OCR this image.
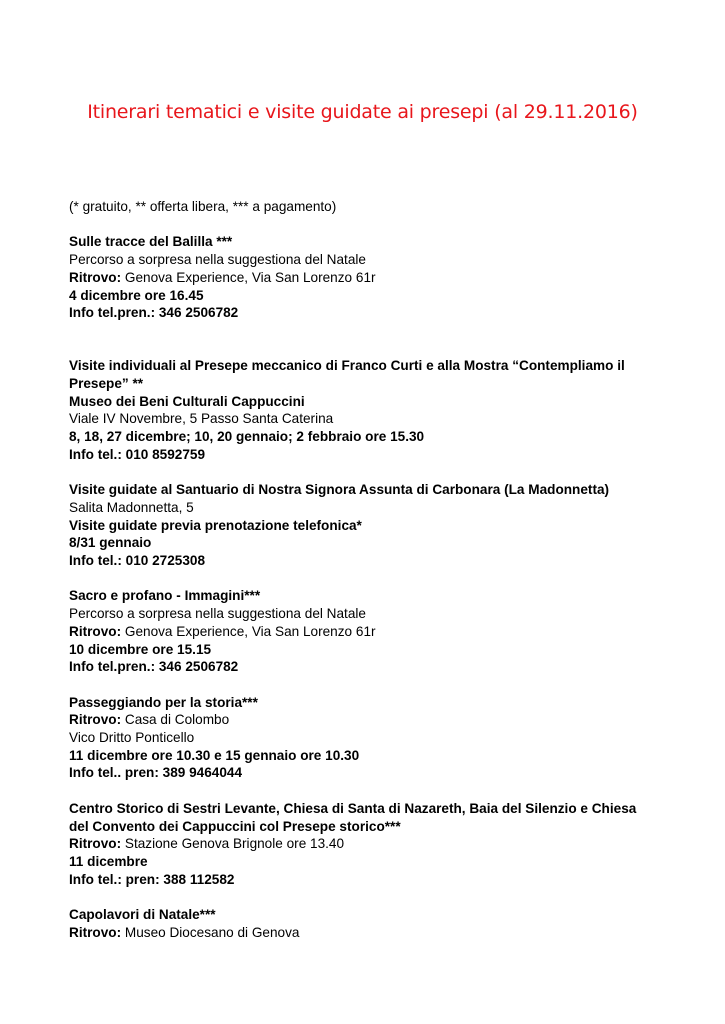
Itinerari tematici e visite guidate ai presepi (al 29.11.2016)

(* gratuito, ** offerta libera, *** a pagamento)

Sulle tracce del Balilla ***

Percorso a sorpresa nella suggestiona del Natale

Ritrovo: Genova Experience, Via San Lorenzo 61r

4 dicembre ore 16.45

Info tel.pren.: 346 2506782

Visite individuali al Presepe meccanico di Franco Curti e alla Mostra “Contempliamo il Presepe” **

Museo dei Beni Culturali Cappuccini

Viale IV Novembre, 5 Passo Santa Caterina

8, 18, 27 dicembre; 10, 20 gennaio; 2 febbraio ore 15.30

Info tel.: 010 8592759

Visite guidate al Santuario di Nostra Signora Assunta di Carbonara (La Madonnetta)

Salita Madonnetta, 5

Visite guidate previa prenotazione telefonica*

8/31 gennaio

Info tel.: 010 2725308

Sacro e profano - Immagini***

Percorso a sorpresa nella suggestiona del Natale

Ritrovo: Genova Experience, Via San Lorenzo 61r

10 dicembre ore 15.15

Info tel.pren.: 346 2506782

Passeggiando per la storia***

Ritrovo: Casa di Colombo

Vico Dritto Ponticello

11 dicembre ore 10.30 e 15 gennaio ore 10.30

Info tel.. pren: 389 9464044

Centro Storico di Sestri Levante, Chiesa di Santa di Nazareth, Baia del Silenzio e Chiesa del Convento dei Cappuccini col Presepe storico***

Ritrovo: Stazione Genova Brignole ore 13.40

11 dicembre

Info tel.: pren: 388 112582

Capolavori di Natale***

Ritrovo: Museo Diocesano di Genova
